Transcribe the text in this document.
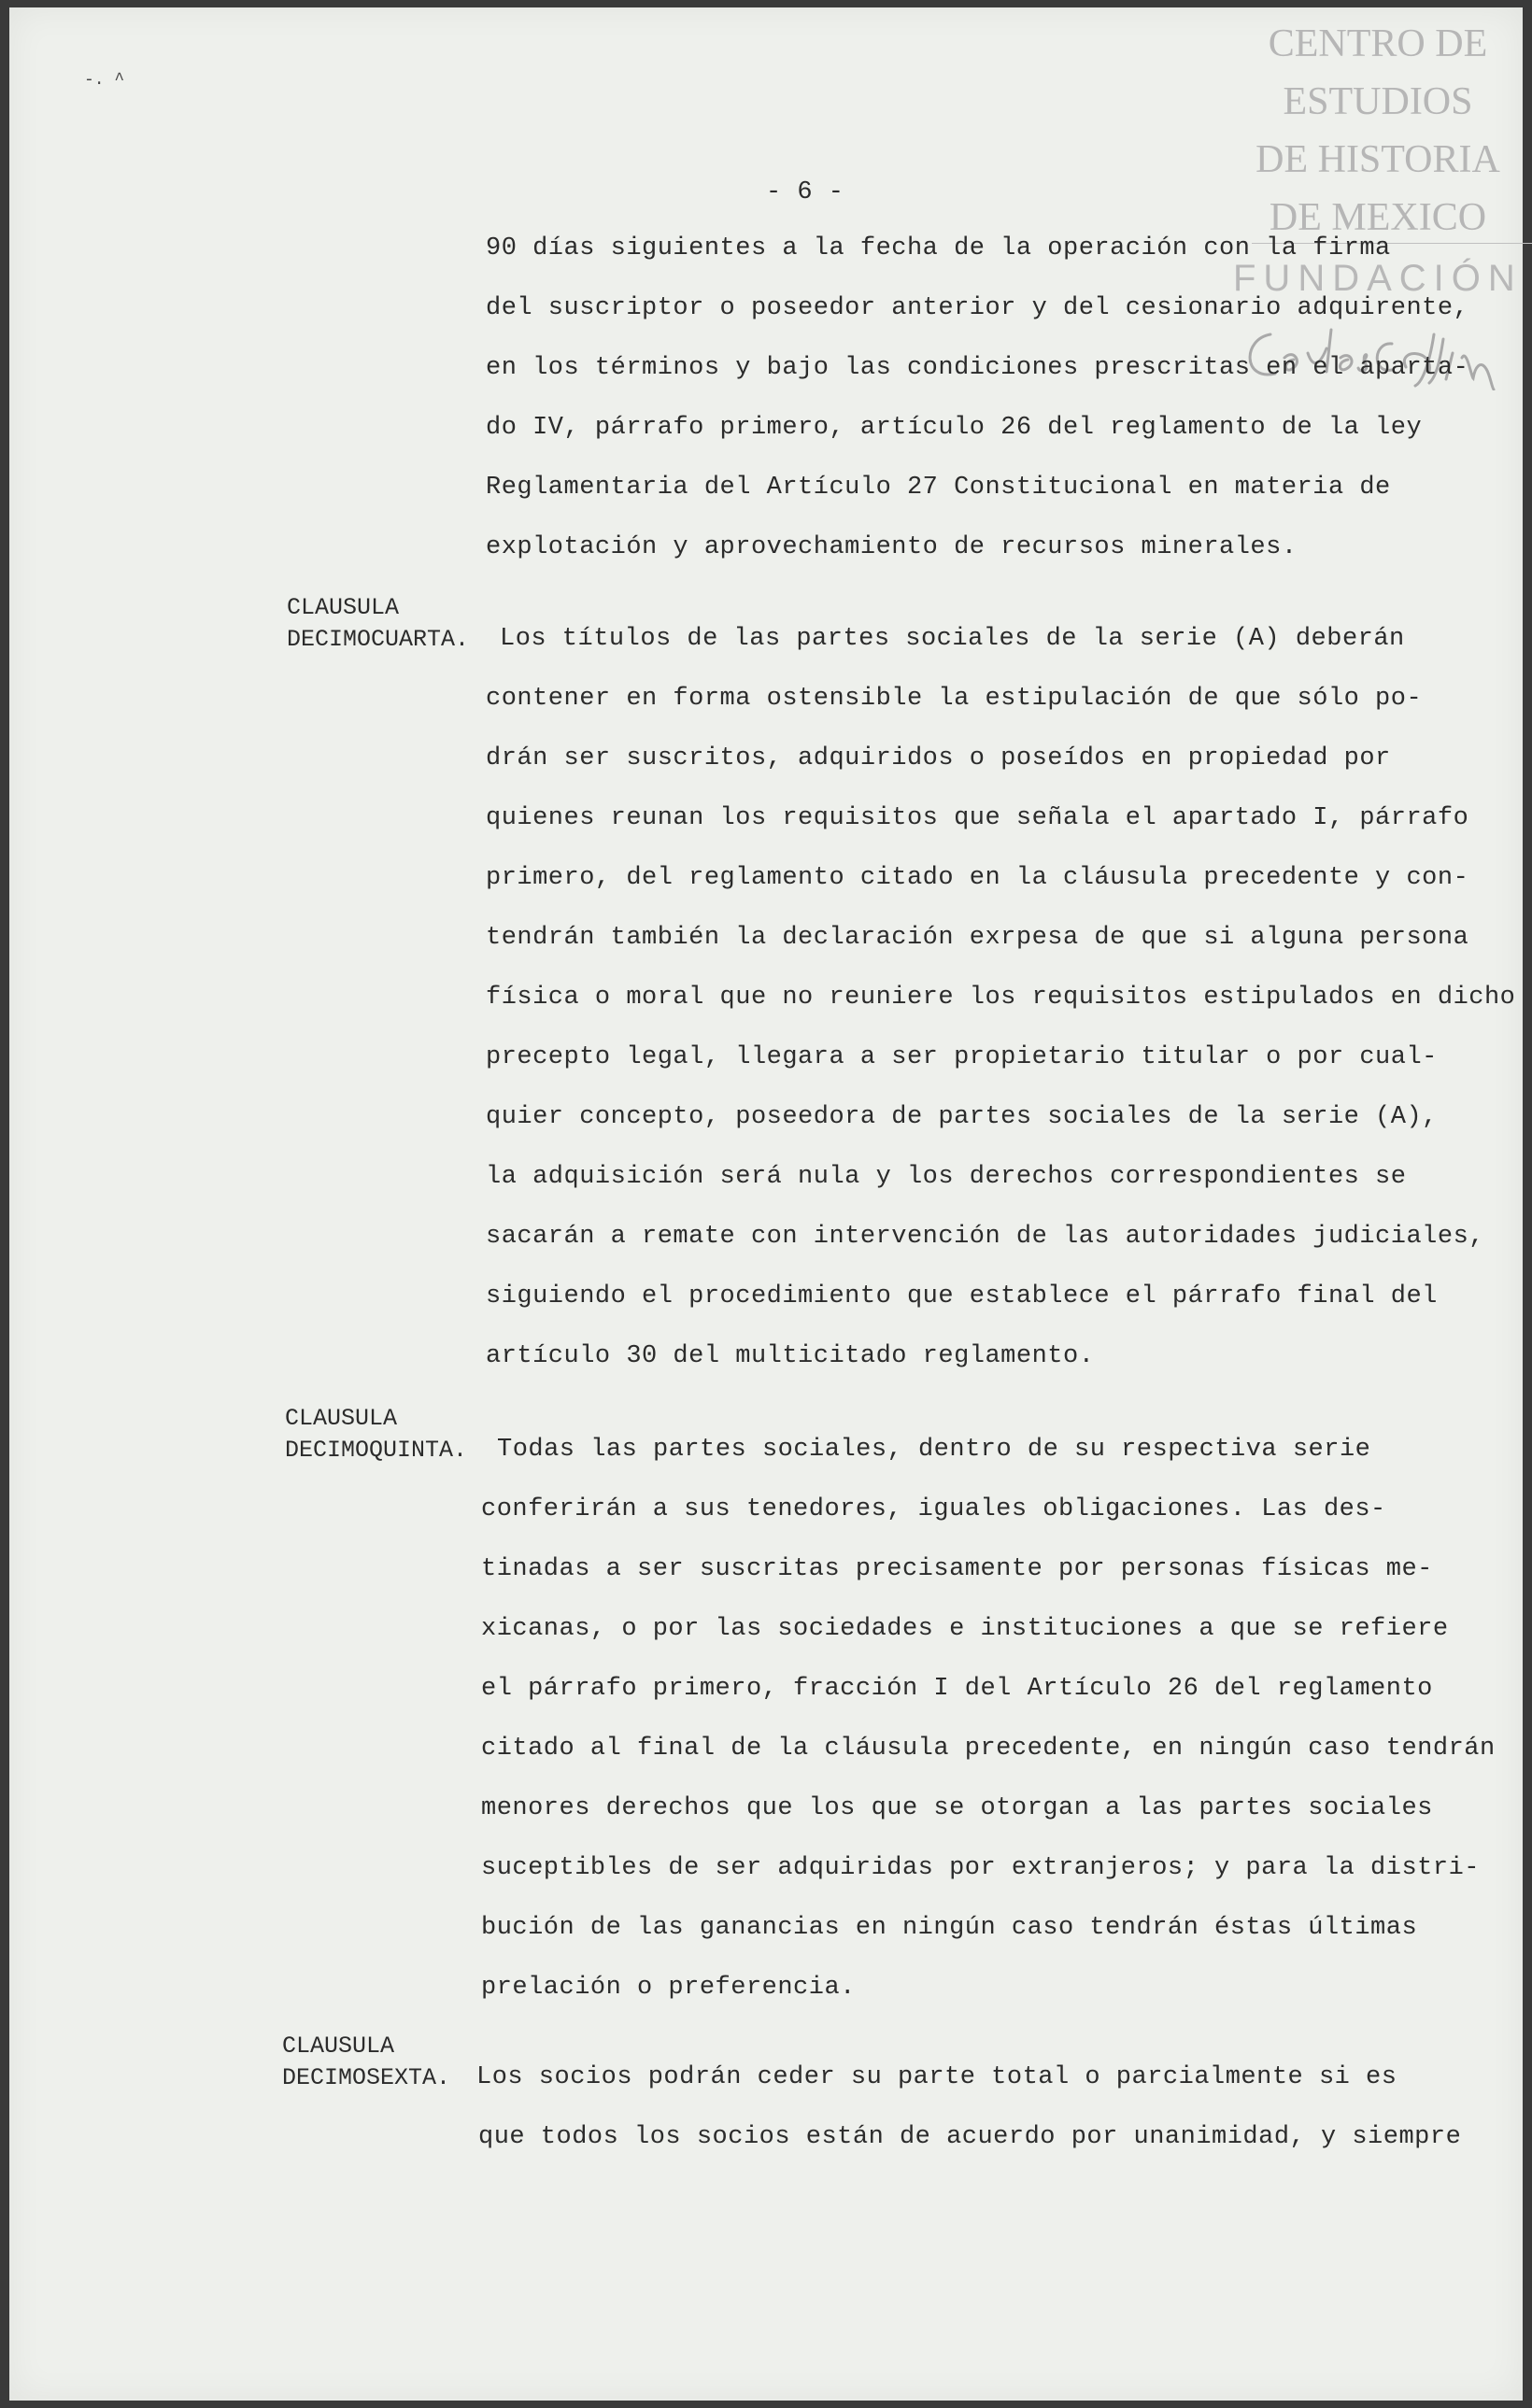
CENTRO DE
ESTUDIOS
DE HISTORIA
DE MEXICO
FUNDACIÓN
-. ^
- 6 -
90 días siguientes a la fecha de la operación con la firma
del suscriptor o poseedor anterior y del cesionario adquirente,
en los términos y bajo las condiciones prescritas en el aparta-
do IV, párrafo primero, artículo 26 del reglamento de la ley
Reglamentaria del Artículo 27 Constitucional en materia de
explotación y aprovechamiento de recursos minerales.
CLAUSULA
DECIMOCUARTA. Los títulos de las partes sociales de la serie (A) deberán
contener en forma ostensible la estipulación de que sólo po-
drán ser suscritos, adquiridos o poseídos en propiedad por
quienes reunan los requisitos que señala el apartado I, párrafo
primero, del reglamento citado en la cláusula precedente y con-
tendrán también la declaración exrpesa de que si alguna persona
física o moral que no reuniere los requisitos estipulados en dicho
precepto legal, llegara a ser propietario titular o por cual-
quier concepto, poseedora de partes sociales de la serie (A),
la adquisición será nula y los derechos correspondientes se
sacarán a remate con intervención de las autoridades judiciales,
siguiendo el procedimiento que establece el párrafo final del
artículo 30 del multicitado reglamento.
CLAUSULA
DECIMOQUINTA. Todas las partes sociales, dentro de su respectiva serie
conferirán a sus tenedores, iguales obligaciones. Las des-
tinadas a ser suscritas precisamente por personas físicas me-
xicanas, o por las sociedades e instituciones a que se refiere
el párrafo primero, fracción I del Artículo 26 del reglamento
citado al final de la cláusula precedente, en ningún caso tendrán
menores derechos que los que se otorgan a las partes sociales
suceptibles de ser adquiridas por extranjeros; y para la distri-
bución de las ganancias en ningún caso tendrán éstas últimas
prelación o preferencia.
CLAUSULA
DECIMOSEXTA. Los socios podrán ceder su parte total o parcialmente si es
que todos los socios están de acuerdo por unanimidad, y siempre
